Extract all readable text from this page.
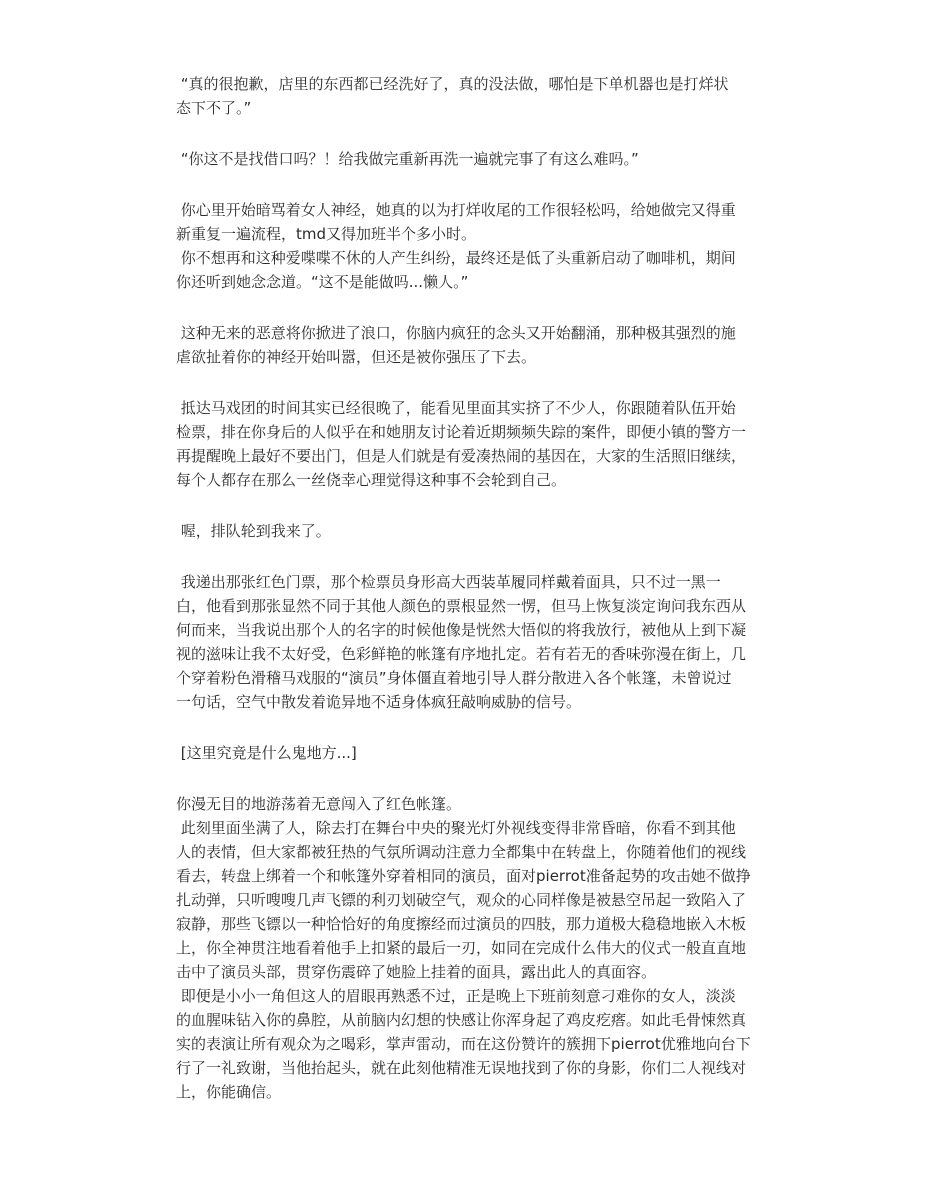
“真的很抱歉，店里的东西都已经洗好了，真的没法做，哪怕是下单机器也是打烊状
态下不了。”
“你这不是找借口吗？！给我做完重新再洗一遍就完事了有这么难吗。”
你心里开始暗骂着女人神经，她真的以为打烊收尾的工作很轻松吗，给她做完又得重
新重复一遍流程，tmd又得加班半个多小时。
你不想再和这种爱喋喋不休的人产生纠纷，最终还是低了头重新启动了咖啡机，期间
你还听到她念念道。“这不是能做吗...懒人。”
这种无来的恶意将你掀进了浪口，你脑内疯狂的念头又开始翻涌，那种极其强烈的施
虐欲扯着你的神经开始叫嚣，但还是被你强压了下去。
抵达马戏团的时间其实已经很晚了，能看见里面其实挤了不少人，你跟随着队伍开始
检票，排在你身后的人似乎在和她朋友讨论着近期频频失踪的案件，即便小镇的警方一
再提醒晚上最好不要出门，但是人们就是有爱凑热闹的基因在，大家的生活照旧继续，
每个人都存在那么一丝侥幸心理觉得这种事不会轮到自己。
喔，排队轮到我来了。
我递出那张红色门票，那个检票员身形高大西装革履同样戴着面具，只不过一黑一
白，他看到那张显然不同于其他人颜色的票根显然一愣，但马上恢复淡定询问我东西从
何而来，当我说出那个人的名字的时候他像是恍然大悟似的将我放行，被他从上到下凝
视的滋味让我不太好受，色彩鲜艳的帐篷有序地扎定。若有若无的香味弥漫在街上，几
个穿着粉色滑稽马戏服的“演员”身体僵直着地引导人群分散进入各个帐篷，未曾说过
一句话，空气中散发着诡异地不适身体疯狂敲响威胁的信号。
[这里究竟是什么鬼地方...]
你漫无目的地游荡着无意闯入了红色帐篷。
此刻里面坐满了人，除去打在舞台中央的聚光灯外视线变得非常昏暗，你看不到其他
人的表情，但大家都被狂热的气氛所调动注意力全都集中在转盘上，你随着他们的视线
看去，转盘上绑着一个和帐篷外穿着相同的演员，面对pierrot准备起势的攻击她不做挣
扎动弹，只听嗖嗖几声飞镖的利刃划破空气，观众的心同样像是被悬空吊起一致陷入了
寂静，那些飞镖以一种恰恰好的角度擦经而过演员的四肢，那力道极大稳稳地嵌入木板
上，你全神贯注地看着他手上扣紧的最后一刃，如同在完成什么伟大的仪式一般直直地
击中了演员头部，贯穿伤震碎了她脸上挂着的面具，露出此人的真面容。
即便是小小一角但这人的眉眼再熟悉不过，正是晚上下班前刻意刁难你的女人，淡淡
的血腥味钻入你的鼻腔，从前脑内幻想的快感让你浑身起了鸡皮疙瘩。如此毛骨悚然真
实的表演让所有观众为之喝彩，掌声雷动，而在这份赞许的簇拥下pierrot优雅地向台下
行了一礼致谢，当他抬起头，就在此刻他精准无误地找到了你的身影，你们二人视线对
上，你能确信。
